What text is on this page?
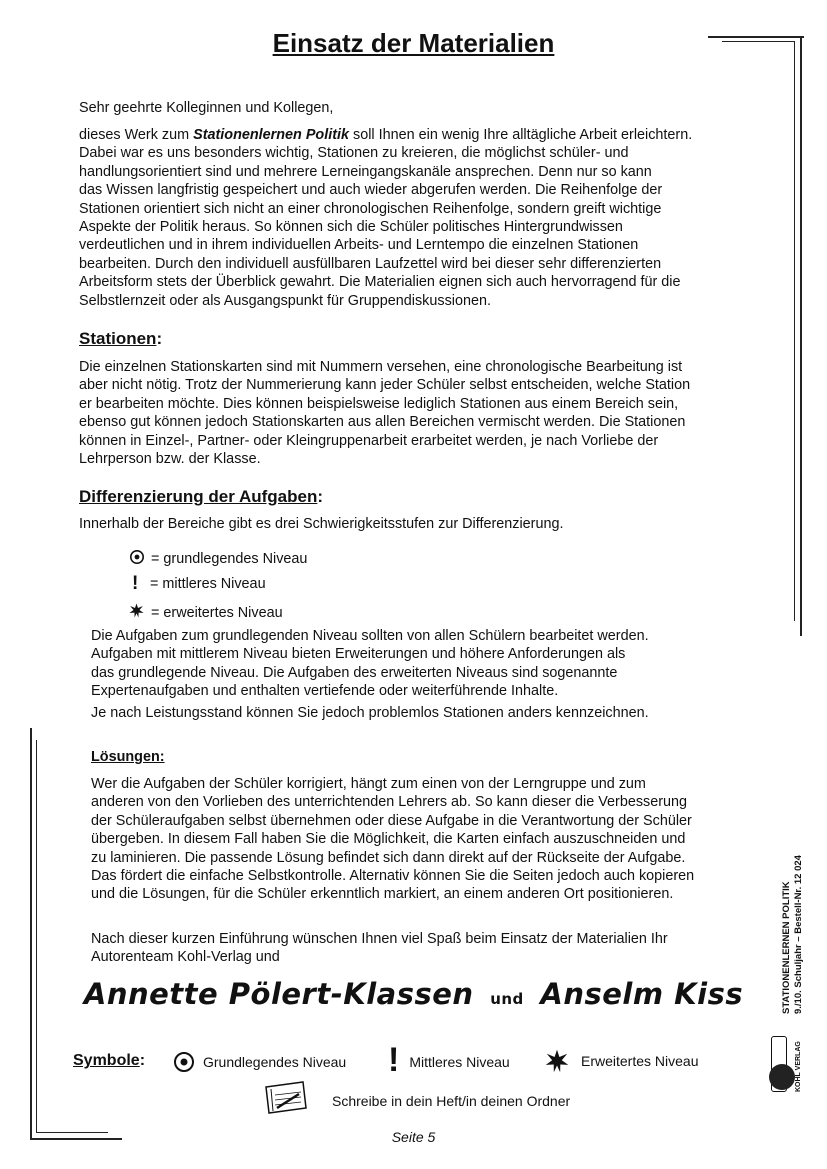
Einsatz der Materialien
Sehr geehrte Kolleginnen und Kollegen,
dieses Werk zum Stationenlernen Politik soll Ihnen ein wenig Ihre alltägliche Arbeit erleichtern.
Dabei war es uns besonders wichtig, Stationen zu kreieren, die möglichst schüler- und
handlungsorientiert sind und mehrere Lerneingangskanäle ansprechen. Denn nur so kann
das Wissen langfristig gespeichert und auch wieder abgerufen werden. Die Reihenfolge der
Stationen orientiert sich nicht an einer chronologischen Reihenfolge, sondern greift wichtige
Aspekte der Politik heraus. So können sich die Schüler politisches Hintergrundwissen
verdeutlichen und in ihrem individuellen Arbeits- und Lerntempo die einzelnen Stationen
bearbeiten. Durch den individuell ausfüllbaren Laufzettel wird bei dieser sehr differenzierten
Arbeitsform stets der Überblick gewahrt. Die Materialien eignen sich auch hervorragend für die
Selbstlernzeit oder als Ausgangspunkt für Gruppendiskussionen.
Stationen:
Die einzelnen Stationskarten sind mit Nummern versehen, eine chronologische Bearbeitung ist
aber nicht nötig. Trotz der Nummerierung kann jeder Schüler selbst entscheiden, welche Station
er bearbeiten möchte. Dies können beispielsweise lediglich Stationen aus einem Bereich sein,
ebenso gut können jedoch Stationskarten aus allen Bereichen vermischt werden. Die Stationen
können in Einzel-, Partner- oder Kleingruppenarbeit erarbeitet werden, je nach Vorliebe der
Lehrperson bzw. der Klasse.
Differenzierung der Aufgaben:
Innerhalb der Bereiche gibt es drei Schwierigkeitsstufen zur Differenzierung.
= grundlegendes Niveau
! = mittleres Niveau
= erweitertes Niveau
Die Aufgaben zum grundlegenden Niveau sollten von allen Schülern bearbeitet werden.
Aufgaben mit mittlerem Niveau bieten Erweiterungen und höhere Anforderungen als
das grundlegende Niveau. Die Aufgaben des erweiterten Niveaus sind sogenannte
Expertenaufgaben und enthalten vertiefende oder weiterführende Inhalte.
Je nach Leistungsstand können Sie jedoch problemlos Stationen anders kennzeichnen.
Lösungen:
Wer die Aufgaben der Schüler korrigiert, hängt zum einen von der Lerngruppe und zum
anderen von den Vorlieben des unterrichtenden Lehrers ab. So kann dieser die Verbesserung
der Schüleraufgaben selbst übernehmen oder diese Aufgabe in die Verantwortung der Schüler
übergeben. In diesem Fall haben Sie die Möglichkeit, die Karten einfach auszuschneiden und
zu laminieren. Die passende Lösung befindet sich dann direkt auf der Rückseite der Aufgabe.
Das fördert die einfache Selbstkontrolle. Alternativ können Sie die Seiten jedoch auch kopieren
und die Lösungen, für die Schüler erkenntlich markiert, an einem anderen Ort positionieren.
Nach dieser kurzen Einführung wünschen Ihnen viel Spaß beim Einsatz der Materialien Ihr
Autorenteam Kohl-Verlag und
Annette Pölert-Klassen und Anselm Kiss
Symbole:	Grundlegendes Niveau ! Mittleres Niveau	Erweitertes Niveau
Schreibe in dein Heft/in deinen Ordner
STATIONENLERNEN POLITIK 9./10. Schuljahr – Bestell-Nr. 12 024
KOHL VERLAG
Seite 5
